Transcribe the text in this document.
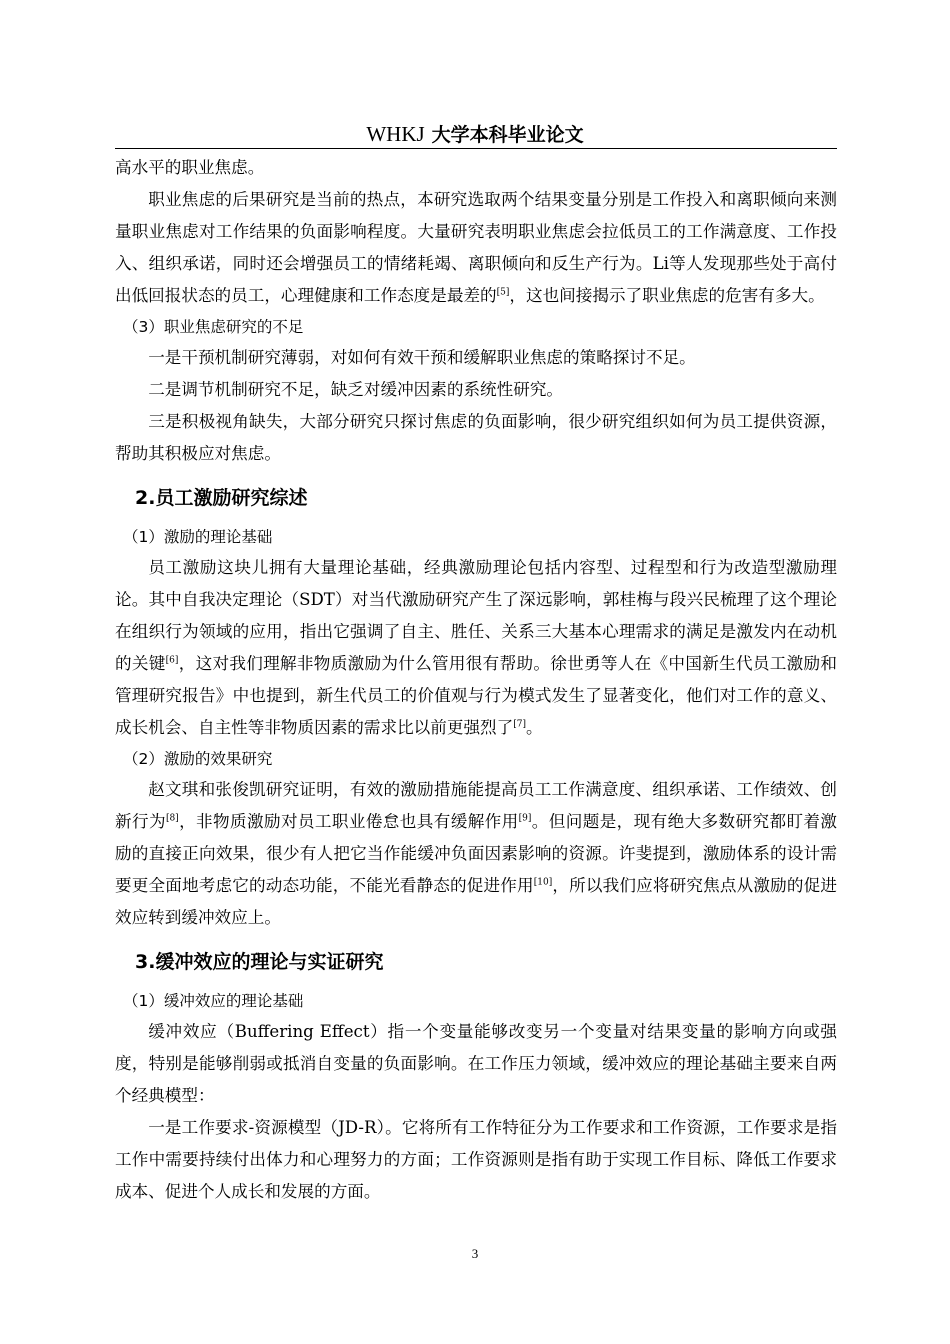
WHKJ 大学本科毕业论文

高水平的职业焦虑。

职业焦虑的后果研究是当前的热点，本研究选取两个结果变量分别是工作投入和离职倾向来测量职业焦虑对工作结果的负面影响程度。大量研究表明职业焦虑会拉低员工的工作满意度、工作投入、组织承诺，同时还会增强员工的情绪耗竭、离职倾向和反生产行为。Li等人发现那些处于高付出低回报状态的员工，心理健康和工作态度是最差的[5]，这也间接揭示了职业焦虑的危害有多大。

（3）职业焦虑研究的不足

一是干预机制研究薄弱，对如何有效干预和缓解职业焦虑的策略探讨不足。

二是调节机制研究不足，缺乏对缓冲因素的系统性研究。

三是积极视角缺失，大部分研究只探讨焦虑的负面影响，很少研究组织如何为员工提供资源，帮助其积极应对焦虑。

2.员工激励研究综述

（1）激励的理论基础

员工激励这块儿拥有大量理论基础，经典激励理论包括内容型、过程型和行为改造型激励理论。其中自我决定理论（SDT）对当代激励研究产生了深远影响，郭桂梅与段兴民梳理了这个理论在组织行为领域的应用，指出它强调了自主、胜任、关系三大基本心理需求的满足是激发内在动机的关键[6]，这对我们理解非物质激励为什么管用很有帮助。徐世勇等人在《中国新生代员工激励和管理研究报告》中也提到，新生代员工的价值观与行为模式发生了显著变化，他们对工作的意义、成长机会、自主性等非物质因素的需求比以前更强烈了[7]。

（2）激励的效果研究

赵文琪和张俊凯研究证明，有效的激励措施能提高员工工作满意度、组织承诺、工作绩效、创新行为[8]，非物质激励对员工职业倦怠也具有缓解作用[9]。但问题是，现有绝大多数研究都盯着激励的直接正向效果，很少有人把它当作能缓冲负面因素影响的资源。许斐提到，激励体系的设计需要更全面地考虑它的动态功能，不能光看静态的促进作用[10]，所以我们应将研究焦点从激励的促进效应转到缓冲效应上。

3.缓冲效应的理论与实证研究

（1）缓冲效应的理论基础

缓冲效应（Buffering Effect）指一个变量能够改变另一个变量对结果变量的影响方向或强度，特别是能够削弱或抵消自变量的负面影响。在工作压力领域，缓冲效应的理论基础主要来自两个经典模型：

一是工作要求-资源模型（JD-R）。它将所有工作特征分为工作要求和工作资源，工作要求是指工作中需要持续付出体力和心理努力的方面；工作资源则是指有助于实现工作目标、降低工作要求成本、促进个人成长和发展的方面。

3
